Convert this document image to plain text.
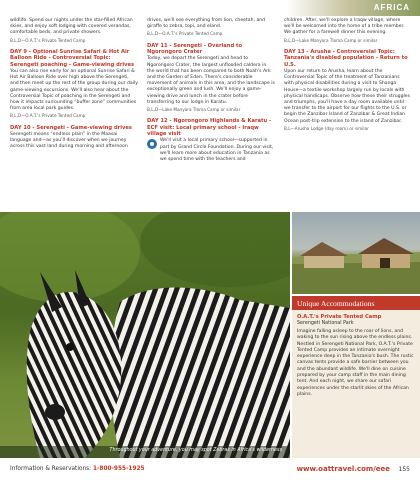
AFRICA

wildlife. Spend our nights under the star-filled African skies, and enjoy soft lodging with covered verandas, comfortable beds, and private showers.

B,L,D—O.A.T.'s Private Tented Camp

DAY 9 - Optional Sunrise Safari & Hot Air Balloon Ride - Controversial Topic: Serengeti poaching - Game-viewing drives

You can also rise early for an optional Sunrise Safari & Hot Air Balloon Ride over high above the Serengeti, and then meet up the rest of the group during our daily game-viewing excursions. We'll also hear about the Controversial Topic of poaching in the Serengeti and how it impacts surrounding “buffer zone” communities from area local park guides.

B,L,D—O.A.T.'s Private Tented Camp

DAY 10 - Serengeti - Game-viewing drives

Serengeti means “endless plain” in the Maasai language and—as you'll discover when we journey across this vast land during morning and afternoon

drives, we'll see everything from lion, cheetah, and giraffe to zebra, topi, and eland.

B,L,D—O.A.T.'s Private Tented Camp

DAY 11 - Serengeti - Overland to Ngorongoro Crater

Today, we depart the Serengeti and head to Ngorongoro Crater, the largest unflooded caldera in the world that has been compared to both Noah's Ark and the Garden of Eden. There's considerable movement of animals in this area, and the landscape is exceptionally green and lush. We'll enjoy a game-viewing drive and lunch in the crater before transferring to our lodge in Karatu.

B,L,D—Lake Manyara Tloma Camp or similar

DAY 12 - Ngorongoro Highlands & Karatu - ECF visit: Local primary school - Iraqw village visit

We'll visit a local primary school—supported in part by Grand Circle Foundation. During our visit, we'll learn more about education in Tanzania as we spend time with the teachers and

children. After, we'll explore a Iraqw village, where we'll be welcomed into the home of a tribe member. We gather for a farewell dinner this evening.

B,L,D—Lake Manyara Tloma Camp or similar

DAY 13 - Arusha - Controversial Topic: Tanzania's disabled population - Return to U.S.

Upon our return to Arusha, learn about the Controversial Topic of the treatment of Tanzanians with physical disabilities during a visit to Shanga House—a textile workshop largely run by locals with physical handicaps. Observe how these their struggles and triumphs, you'll have a day room available until we transfer to the airport for our flights to the U.S. or begin the Zanzibar Island of Zanzibar & Great Indian Ocean post-trip extension to the island of Zanzibar.

B,L—Arusha Lodge (day room) or similar

Throughout your adventure, you may spot Zebras in Africa's wilderness
Unique Accommodations
O.A.T.'s Private Tented Camp
Serengeti National Park

Imagine falling asleep to the roar of lions, and waking to the sun rising above the endless plains. Nestled in Serengeti National Park, O.A.T.'s Private Tented Camp provides an intimate overnight experience deep in the Tanzania's bush. The rustic canvas tents provide a safe barrier between you and the abundant wildlife. We'll dine on cuisine prepared by your camp staff in the main dining tent. And each night, we share our safari experiences under the starlit skies of the African plains.

Information & Reservations: 1-800-955-1925	www.oattravel.com/eee 155
